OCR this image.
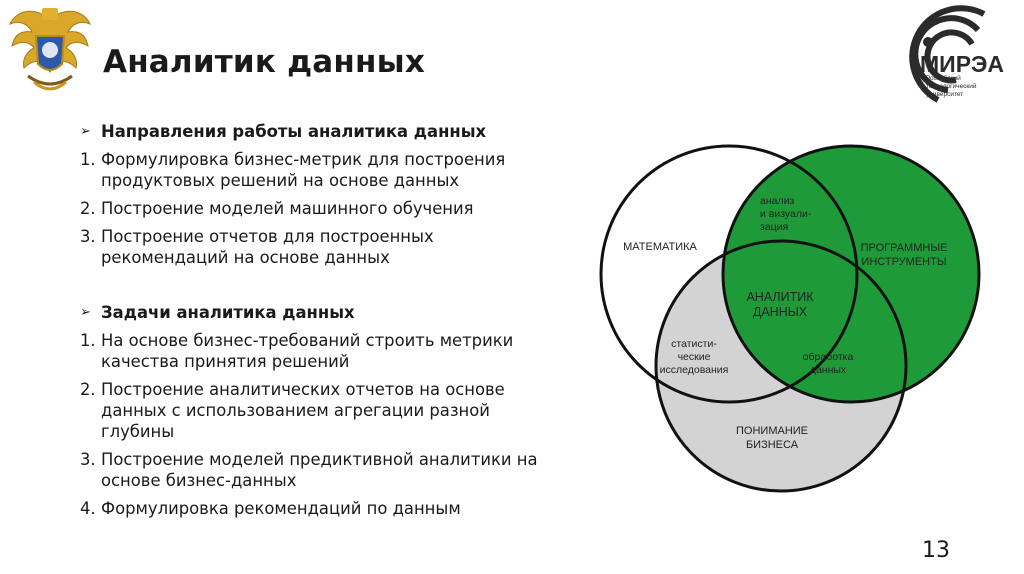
Аналитик данных	МИРЭА
Российский
технологический
университет
➢ Направления работы аналитика данных
1. Формулировка бизнес-метрик для построения продуктовых решений на основе данных
2. Построение моделей машинного обучения
3. Построение отчетов для построенных рекомендаций на основе данных
➢ Задачи аналитика данных
1. На основе бизнес-требований строить метрики качества принятия решений
2. Построение аналитических отчетов на основе данных с использованием агрегации разной глубины
3. Построение моделей предиктивной аналитики на основе бизнес-данных
4. Формулировка рекомендаций по данным
МАТЕМАТИКА	ПРОГРАММНЫЕ
ИНСТРУМЕНТЫ
анализ
и визуали-
зация
АНАЛИТИК
ДАННЫХ
статисти-
ческие
исследования
обработка
данных
ПОНИМАНИЕ
БИЗНЕСА
13
